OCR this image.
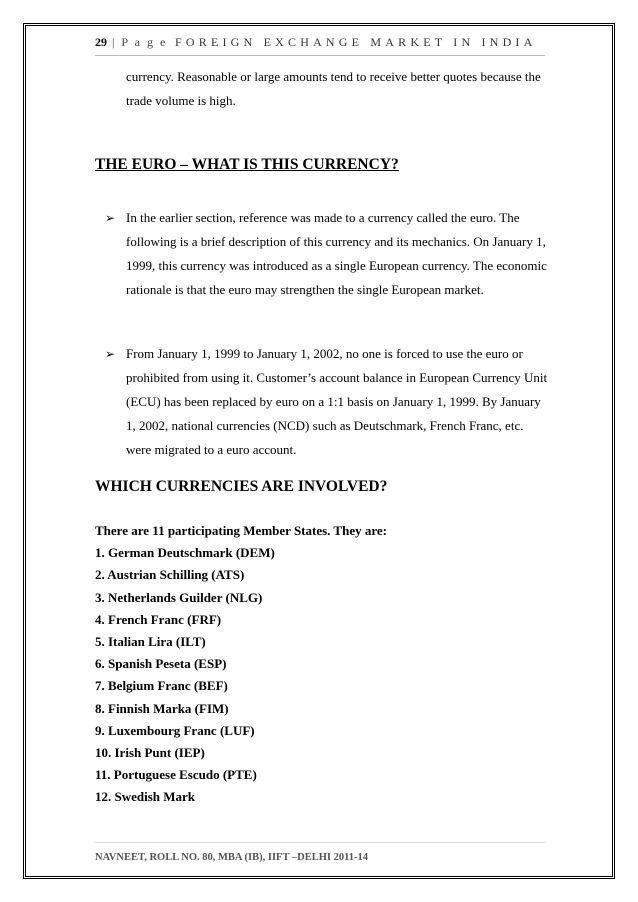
29 | P a g e FOREIGN EXCHANGE MARKET IN INDIA
currency. Reasonable or large amounts tend to receive better quotes because the trade volume is high.
THE EURO – WHAT IS THIS CURRENCY?
➢ In the earlier section, reference was made to a currency called the euro. The following is a brief description of this currency and its mechanics. On January 1, 1999, this currency was introduced as a single European currency. The economic rationale is that the euro may strengthen the single European market.
➢ From January 1, 1999 to January 1, 2002, no one is forced to use the euro or prohibited from using it. Customer’s account balance in European Currency Unit (ECU) has been replaced by euro on a 1:1 basis on January 1, 1999. By January 1, 2002, national currencies (NCD) such as Deutschmark, French Franc, etc. were migrated to a euro account.
WHICH CURRENCIES ARE INVOLVED?
There are 11 participating Member States. They are:
1. German Deutschmark (DEM)
2. Austrian Schilling (ATS)
3. Netherlands Guilder (NLG)
4. French Franc (FRF)
5. Italian Lira (ILT)
6. Spanish Peseta (ESP)
7. Belgium Franc (BEF)
8. Finnish Marka (FIM)
9. Luxembourg Franc (LUF)
10. Irish Punt (IEP)
11. Portuguese Escudo (PTE)
12. Swedish Mark
NAVNEET, ROLL NO. 80, MBA (IB), IIFT –DELHI 2011-14
